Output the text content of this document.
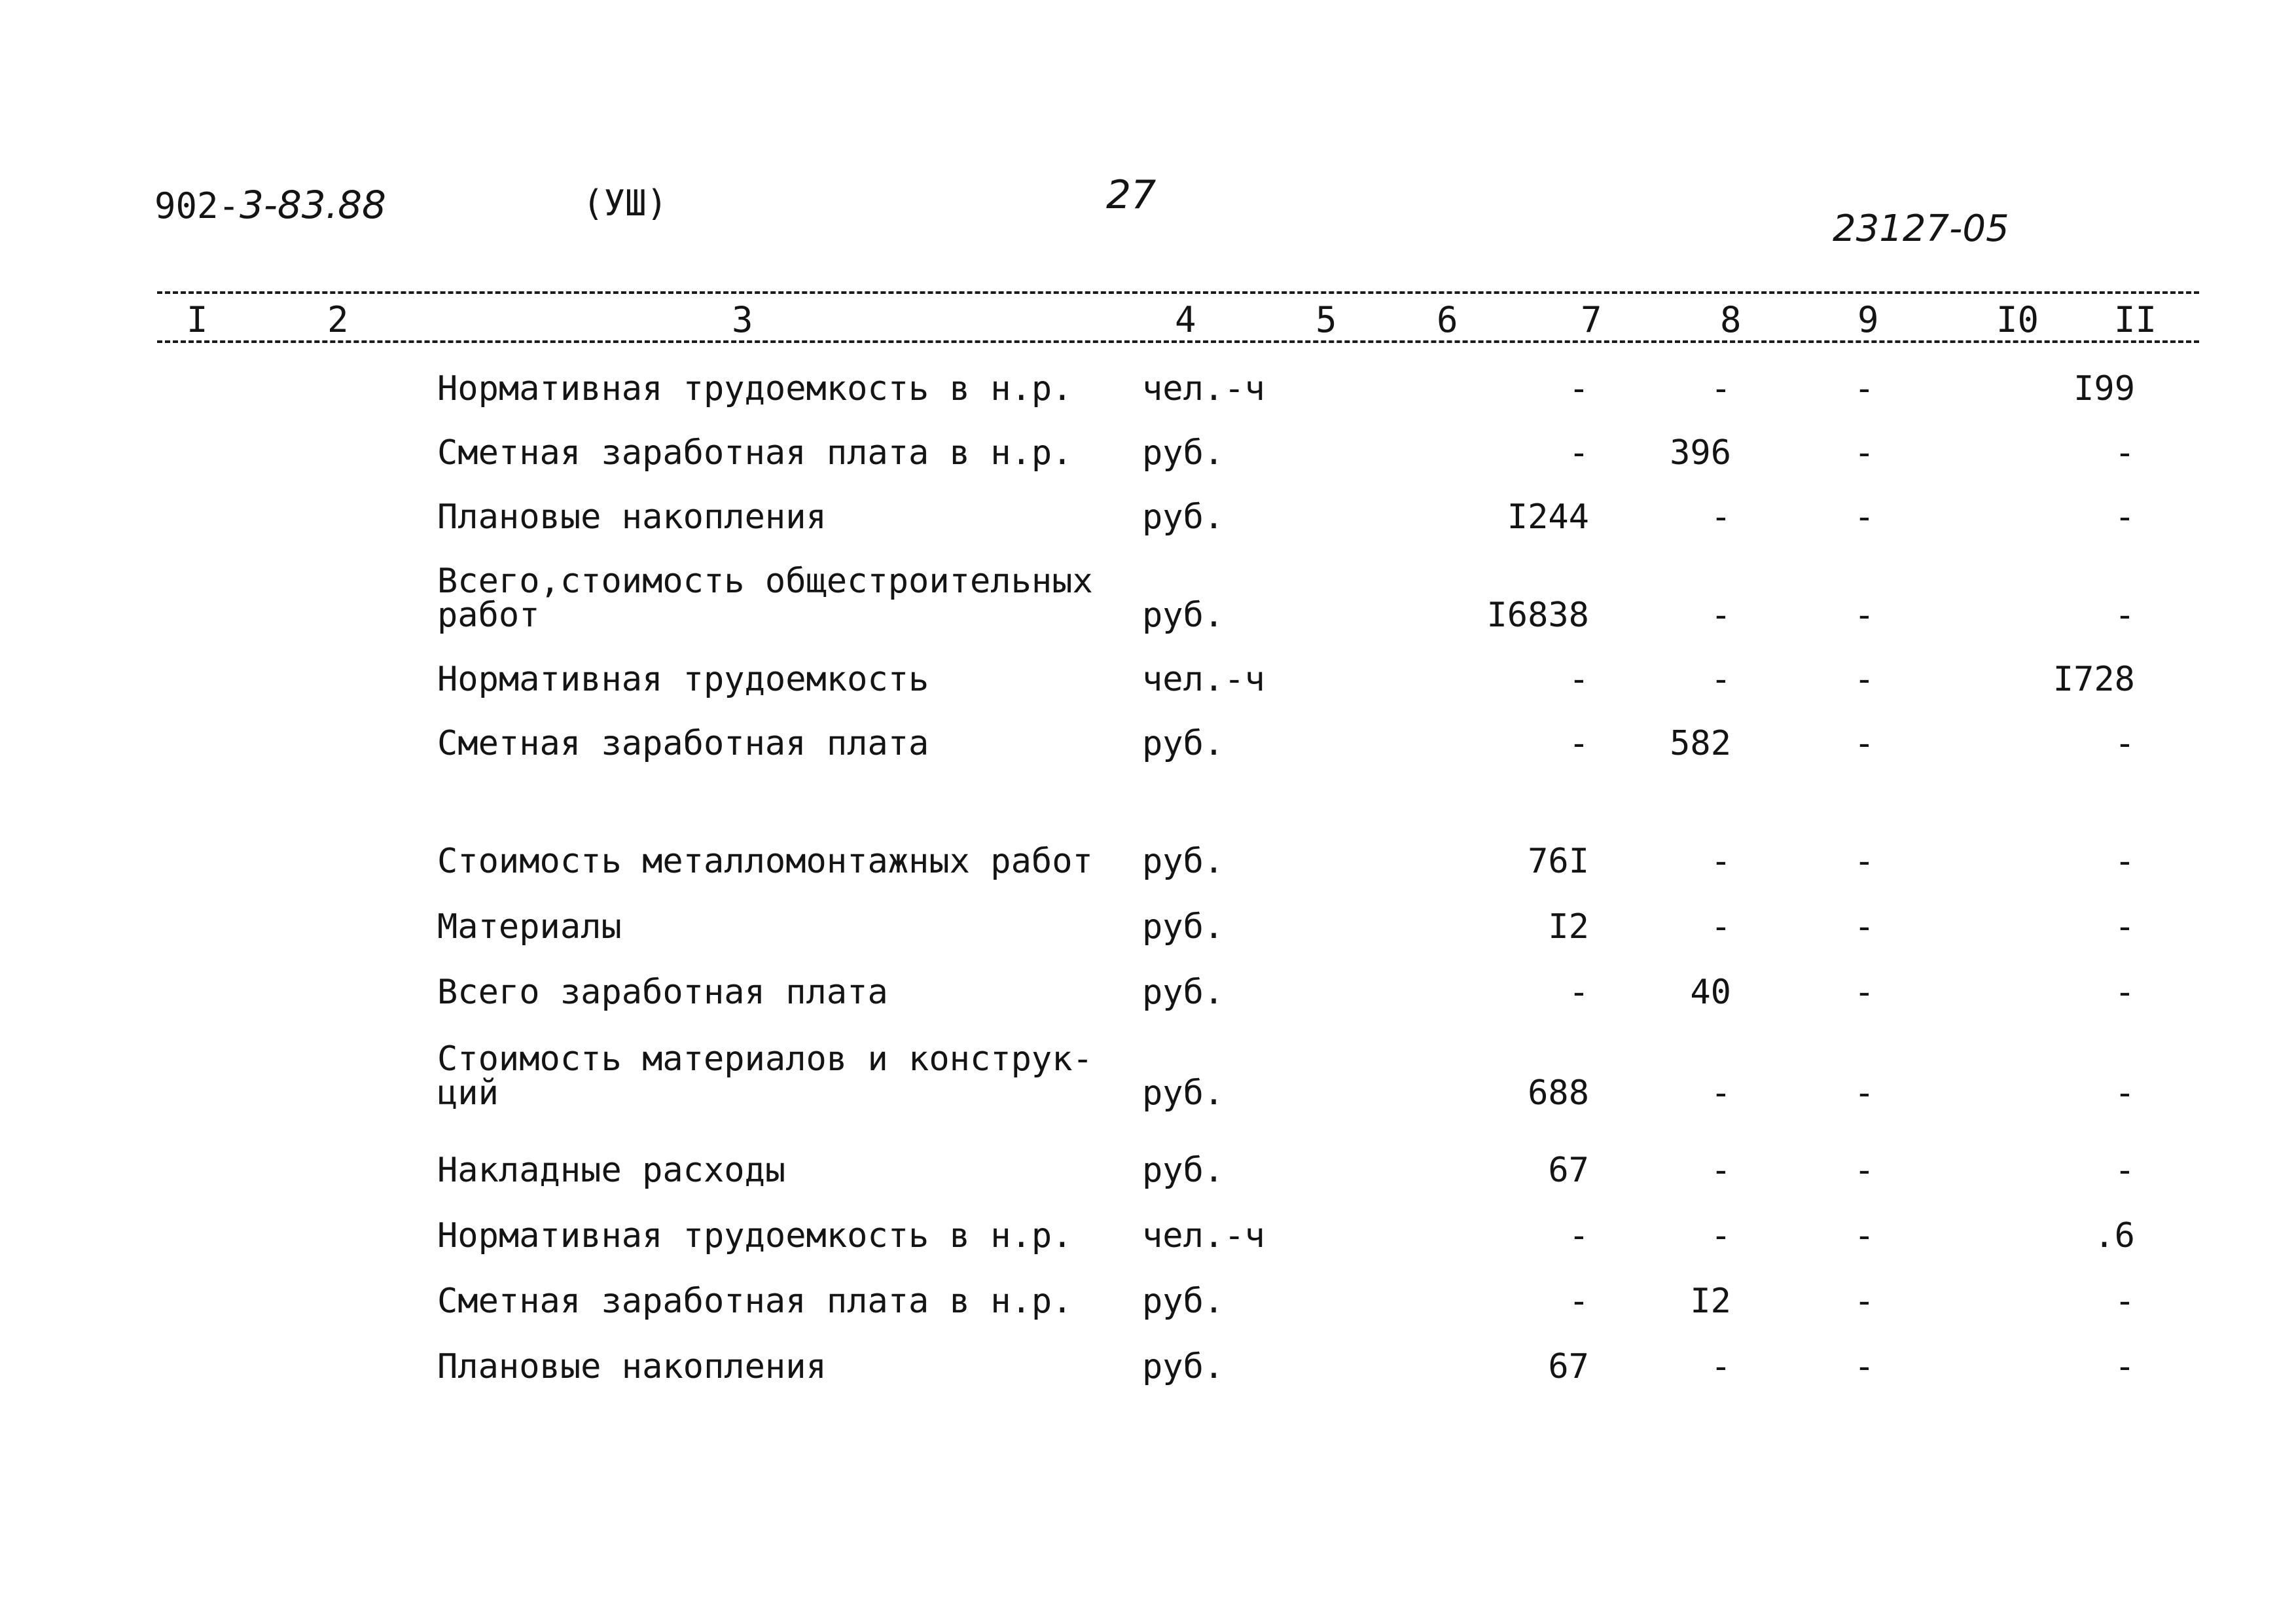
902-3-83.88	(УШ)	27
23127-05
I	2	3	4	5	6	7	8	9	I0 II
Нормативная трудоемкость в н.р.	чел.-ч	-	-	-	I99
Сметная заработная плата в н.р.	руб.	-	396	-	-
Плановые накопления	руб.	I244	-	-	-
Всего,стоимость общестроительных
работ	руб.	I6838	-	-	-
Нормативная трудоемкость	чел.-ч	-	-	-	I728
Сметная заработная плата	руб.	-	582	-	-
Стоимость металломонтажных работ	руб.	76I	-	-	-
Материалы	руб.	I2	-	-	-
Всего заработная плата	руб.	-	40	-	-
Стоимость материалов и конструк-
ций	руб.	688	-	-	-
Накладные расходы	руб.	67	-	-	-
Нормативная трудоемкость в н.р.	чел.-ч	-	-	-	.6
Сметная заработная плата в н.р.	руб.	-	I2	-	-
Плановые накопления	руб.	67	-	-	-
